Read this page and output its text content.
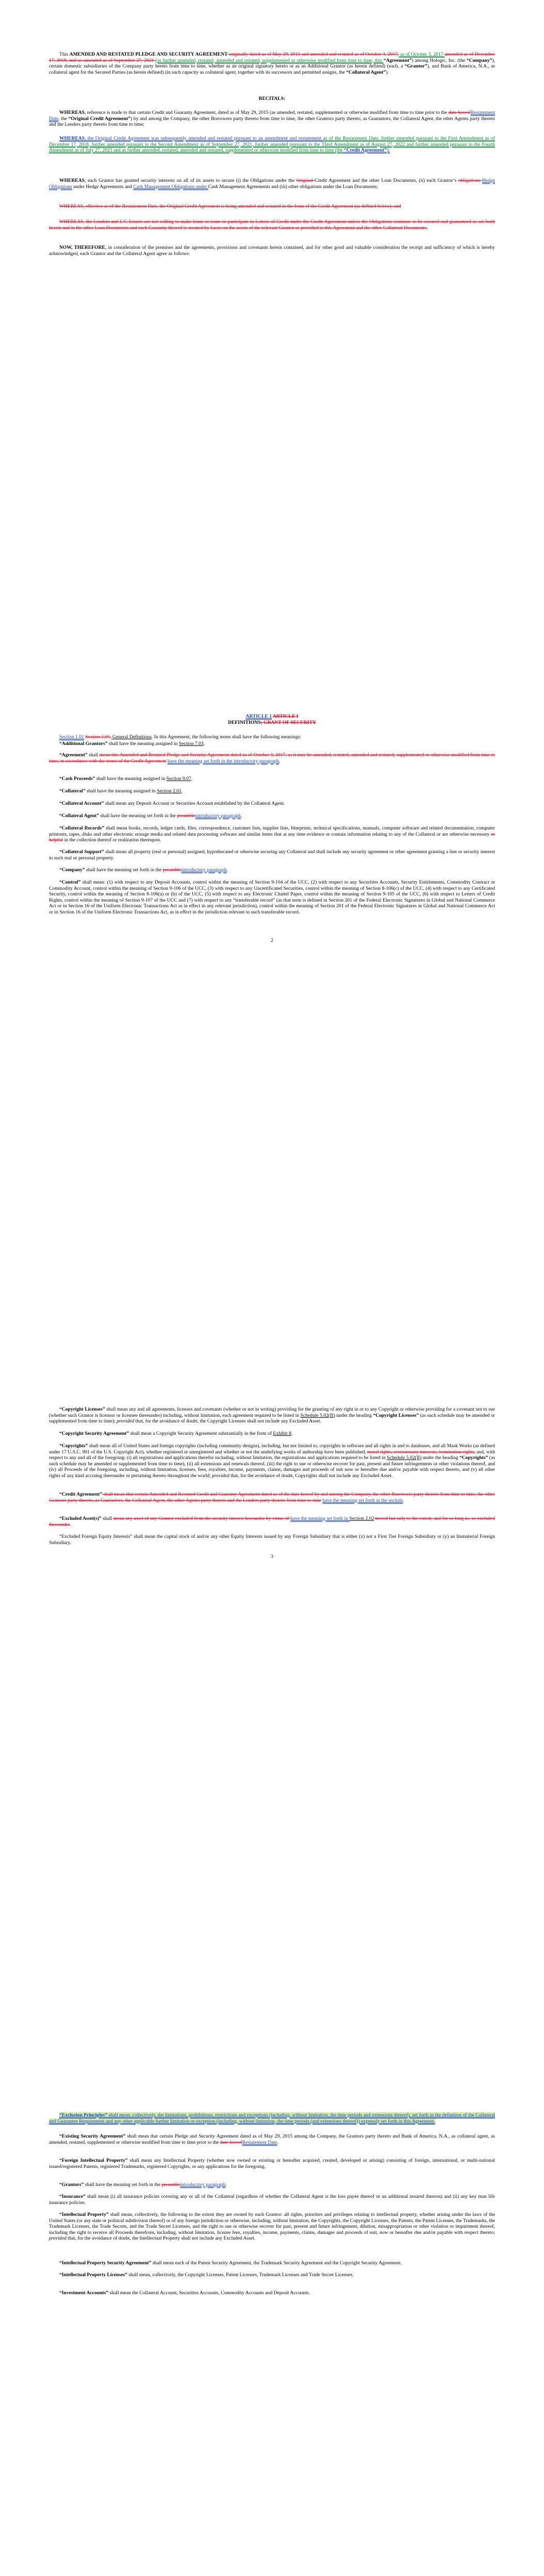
This AMENDED AND RESTATED PLEDGE AND SECURITY AGREEMENT originally dated as of May 29, 2015 and amended and restated as of October 3, 2017, as of October 3, 2017 amended as of December 17, 2018, and as amended as of September 27, 2021 (as further amended, restated, amended and restated, supplemented or otherwise modified from time to time, this “Agreement”) among Hologic, Inc. (the “Company”), certain domestic subsidiaries of the Company party hereto from time to time, whether as an original signatory hereto or as an Additional Grantor (as herein defined) (each, a “Grantor”), and Bank of America, N.A., as collateral agent for the Secured Parties (as herein defined) (in such capacity as collateral agent, together with its successors and permitted assigns, the “Collateral Agent”).

RECITALS:

WHEREAS, reference is made to that certain Credit and Guaranty Agreement, dated as of May 29, 2015 (as amended, restated, supplemented or otherwise modified from time to time prior to the date hereofRestatement Date, the “Original Credit Agreement”) by and among the Company, the other Borrowers party thereto from time to time, the other Grantors party thereto, as Guarantors, the Collateral Agent, the other Agents party thereto and the Lenders party thereto from time to time;

WHEREAS, the Original Credit Agreement was subsequently amended and restated pursuant to an amendment and restatement as of the Restatement Date, further amended pursuant to the First Amendment as of December 17, 2018, further amended pursuant to the Second Amendment as of September 27, 2021, further amended pursuant to the Third Amendment as of August 27, 2022 and further amended pursuant to the Fourth Amendment as of July 27, 2023 and as further amended, restated, amended and restated, supplemented or otherwise modified from time to time (the “Credit Agreement”);

WHEREAS, each Grantor has granted security interests on all of its assets to secure (i) the Obligations under the Original Credit Agreement and the other Loan Documents, (ii) each Grantor’s obligations Hedge Obligations under Hedge Agreements and Cash Management Obligations under Cash Management Agreements and (iii) other obligations under the Loan Documents;

WHEREAS, effective as of the Restatement Date, the Original Credit Agreement is being amended and restated in the form of the Credit Agreement (as defined below); and

WHEREAS, the Lenders and L/C Issuers are not willing to make loans or issue or participate in Letters of Credit under the Credit Agreement unless the Obligations continue to be secured and guaranteed as set forth herein and in the other Loan Documents and each Guaranty thereof is secured by Liens on the assets of the relevant Grantor as provided in this Agreement and the other Collateral Documents.

NOW, THEREFORE, in consideration of the premises and the agreements, provisions and covenants herein contained, and for other good and valuable consideration the receipt and sufficiency of which is hereby acknowledged, each Grantor and the Collateral Agent agree as follows:

ARTICLE 1 ARTICLE I

DEFINITIONS; GRANT OF SECURITY

Section 1.01 Section 1.01. General Definitions. In this Agreement, the following terms shall have the following meanings:

“Additional Grantors” shall have the meaning assigned in Section 7.03.

“Agreement” shall mean this Amended and Restated Pledge and Security Agreement dated as of October 3, 2017, as it may be amended, restated, amended and restated, supplemented or otherwise modified from time to time, in accordance with the terms of the Credit Agreement have the meaning set forth in the introductory paragraph.

“Cash Proceeds” shall have the meaning assigned in Section 9.07.

“Collateral” shall have the meaning assigned in Section 2.01.

“Collateral Account” shall mean any Deposit Account or Securities Account established by the Collateral Agent.

“Collateral Agent” shall have the meaning set forth in the preambleintroductory paragraph.

“Collateral Records” shall mean books, records, ledger cards, files, correspondence, customer lists, supplier lists, blueprints, technical specifications, manuals, computer software and related documentation, computer printouts, tapes, disks and other electronic storage media and related data processing software and similar items that at any time evidence or contain information relating to any of the Collateral or are otherwise necessary or helpful in the collection thereof or realization thereupon.

“Collateral Support” shall mean all property (real or personal) assigned, hypothecated or otherwise securing any Collateral and shall include any security agreement or other agreement granting a lien or security interest in such real or personal property.

“Company” shall have the meaning set forth in the preambleintroductory paragraph.

“Control” shall mean: (1) with respect to any Deposit Accounts, control within the meaning of Section 9-104 of the UCC, (2) with respect to any Securities Accounts, Security Entitlements, Commodity Contract or Commodity Account, control within the meaning of Section 9-106 of the UCC, (3) with respect to any Uncertificated Securities, control within the meaning of Section 8-106(c) of the UCC, (4) with respect to any Certificated Security, control within the meaning of Section 8-106(a) or (b) of the UCC, (5) with respect to any Electronic Chattel Paper, control within the meaning of Section 9-105 of the UCC, (6) with respect to Letters of Credit Rights, control within the meaning of Section 9-107 of the UCC and (7) with respect to any “transferable record” (as that term is defined in Section 201 of the Federal Electronic Signatures in Global and National Commerce Act or in Section 16 of the Uniform Electronic Transactions Act as in effect in any relevant jurisdiction), control within the meaning of Section 201 of the Federal Electronic Signatures in Global and National Commerce Act or in Section 16 of the Uniform Electronic Transactions Act, as in effect in the jurisdiction relevant to such transferable record.

2

“Copyright Licenses” shall mean any and all agreements, licenses and covenants (whether or not in writing) providing for the granting of any right in or to any Copyright or otherwise providing for a covenant not to sue (whether such Grantor is licensor or licensee thereunder) including, without limitation, each agreement required to be listed in Schedule 5.02(II) under the heading “Copyright Licenses” (as such schedule may be amended or supplemented from time to time); provided that, for the avoidance of doubt, the Copyright Licenses shall not include any Excluded Asset.

“Copyright Security Agreement” shall mean a Copyright Security Agreement substantially in the form of Exhibit 8.

“Copyrights” shall mean all of United States and foreign copyrights (including community designs), including, but not limited to, copyrights in software and all rights in and to databases, and all Mask Works (as defined under 17 U.S.C. 901 of the U.S. Copyright Act), whether registered or unregistered and whether or not the underlying works of authorship have been published, moral rights, reversionary interests, termination rights, and, with respect to any and all of the foregoing: (i) all registrations and applications therefor including, without limitation, the registrations and applications required to be listed in Schedule 5.02(II) under the heading “Copyrights” (as such schedule may be amended or supplemented from time to time), (ii) all extensions and renewals thereof, (iii) the right to sue or otherwise recover for past, present and future infringements or other violations thereof, and (iv) all Proceeds of the foregoing, including, without limitation, licenses, fees, royalties, income, payments, claims, damages and proceeds of suit now or hereafter due and/or payable with respect thereto, and (v) all other rights of any kind accruing thereunder or pertaining thereto throughout the world; provided that, for the avoidance of doubt, Copyrights shall not include any Excluded Asset.

“Credit Agreement” shall mean that certain Amended and Restated Credit and Guaranty Agreement dated as of the date hereof by and among the Company, the other Borrowers party thereto from time to time, the other Grantors party thereto, as Guarantors, the Collateral Agent, the other Agents party thereto and the Lenders party thereto from time to time have the meaning set forth in the recitals.

“Excluded Asset(s)” shall mean any asset of any Grantor excluded from the security interest hereunder by virtue of have the meaning set forth in Section 2.02 hereof but only to the extent, and for so long as, so excluded thereunder.

“Excluded Foreign Equity Interests” shall mean the capital stock of and/or any other Equity Interests issued by any Foreign Subsidiary that is either (x) not a First Tier Foreign Subsidiary or (y) an Immaterial Foreign Subsidiary.

3

“Exclusion Principles” shall mean, collectively, the limitations, prohibitions, restrictions and exceptions (including, without limitation, the time periods and extensions thereof), set forth in the definition of the Collateral and Guarantee Requirement and any other applicable further limitation or exception (including, without limitation, the time periods (and extensions thereof)) expressly set forth in this Agreement.

“Existing Security Agreement” shall mean that certain Pledge and Security Agreement dated as of May 29, 2015 among the Company, the Grantors party thereto and Bank of America, N.A., as collateral agent, as amended, restated, supplemented or otherwise modified from time to time prior to the date hereofRestatement Date.

“Foreign Intellectual Property” shall mean any Intellectual Property (whether now owned or existing or hereafter acquired, created, developed or arising) consisting of foreign, international, or multi-national issued/registered Patents, registered Trademarks, registered Copyrights, or any applications for the foregoing.

“Grantors” shall have the meaning set forth in the preambleintroductory paragraph.

“Insurance” shall mean (i) all insurance policies covering any or all of the Collateral (regardless of whether the Collateral Agent is the loss payee thereof or an additional insured thereon) and (ii) any key man life insurance policies.

“Intellectual Property” shall mean, collectively, the following to the extent they are owned by each Grantor: all rights, priorities and privileges relating to intellectual property, whether arising under the laws of the United States (or any state or political subdivision thereof) or of any foreign jurisdiction or otherwise, including, without limitation, the Copyrights, the Copyright Licenses, the Patents, the Patent Licenses, the Trademarks, the Trademark Licenses, the Trade Secrets, and the Trade Secret Licenses, and the right to sue or otherwise recover for past, present and future infringement, dilution, misappropriation or other violation or impairment thereof, including the right to receive all Proceeds therefrom, including, without limitation, license fees, royalties, income, payments, claims, damages and proceeds of suit, now or hereafter due and/or payable with respect thereto; provided that, for the avoidance of doubt, the Intellectual Property shall not include any Excluded Asset.

“Intellectual Property Security Agreement” shall mean each of the Patent Security Agreement, the Trademark Security Agreement and the Copyright Security Agreement.

“Intellectual Property Licenses” shall mean, collectively, the Copyright Licenses, Patent Licenses, Trademark Licenses and Trade Secret Licenses.

“Investment Accounts” shall mean the Collateral Account, Securities Accounts, Commodity Accounts and Deposit Accounts.
